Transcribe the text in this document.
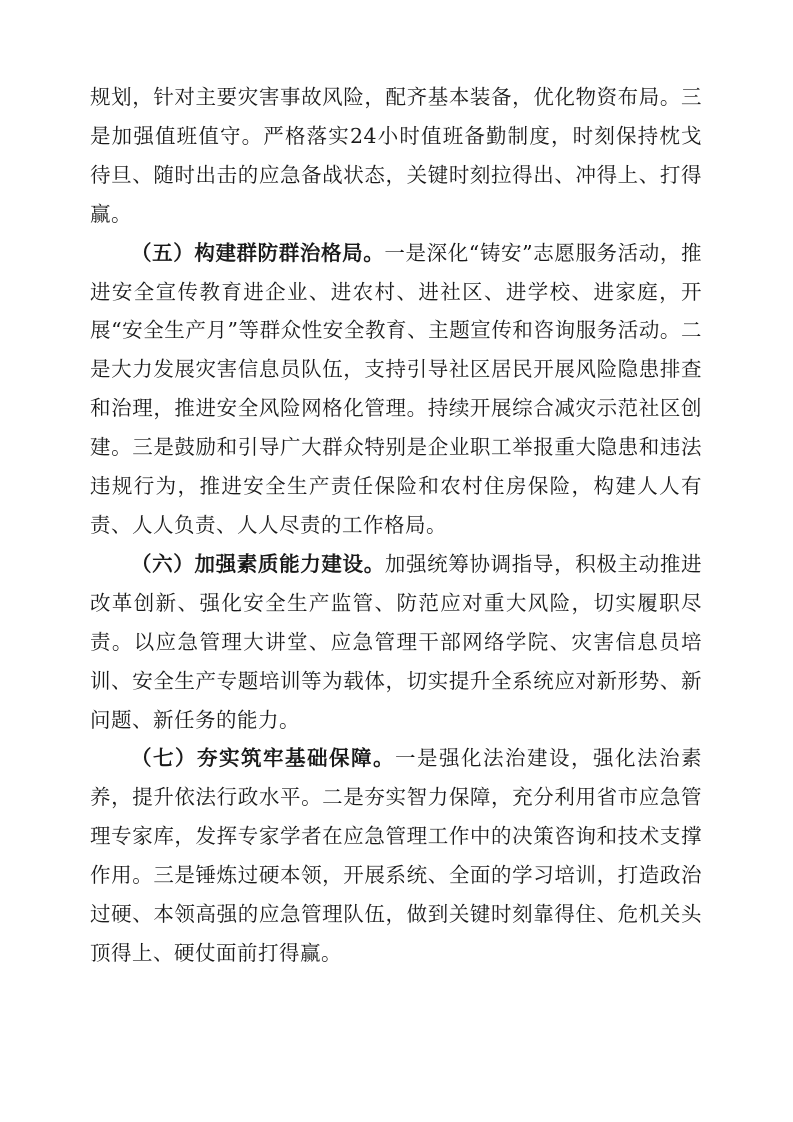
规划，针对主要灾害事故风险，配齐基本装备，优化物资布局。三是加强值班值守。严格落实24小时值班备勤制度，时刻保持枕戈待旦、随时出击的应急备战状态，关键时刻拉得出、冲得上、打得赢。

（五）构建群防群治格局。一是深化“铸安”志愿服务活动，推进安全宣传教育进企业、进农村、进社区、进学校、进家庭，开展“安全生产月”等群众性安全教育、主题宣传和咨询服务活动。二是大力发展灾害信息员队伍，支持引导社区居民开展风险隐患排查和治理，推进安全风险网格化管理。持续开展综合减灾示范社区创建。三是鼓励和引导广大群众特别是企业职工举报重大隐患和违法违规行为，推进安全生产责任保险和农村住房保险，构建人人有责、人人负责、人人尽责的工作格局。

（六）加强素质能力建设。加强统筹协调指导，积极主动推进改革创新、强化安全生产监管、防范应对重大风险，切实履职尽责。以应急管理大讲堂、应急管理干部网络学院、灾害信息员培训、安全生产专题培训等为载体，切实提升全系统应对新形势、新问题、新任务的能力。

（七）夯实筑牢基础保障。一是强化法治建设，强化法治素养，提升依法行政水平。二是夯实智力保障，充分利用省市应急管理专家库，发挥专家学者在应急管理工作中的决策咨询和技术支撑作用。三是锤炼过硬本领，开展系统、全面的学习培训，打造政治过硬、本领高强的应急管理队伍，做到关键时刻靠得住、危机关头顶得上、硬仗面前打得赢。
